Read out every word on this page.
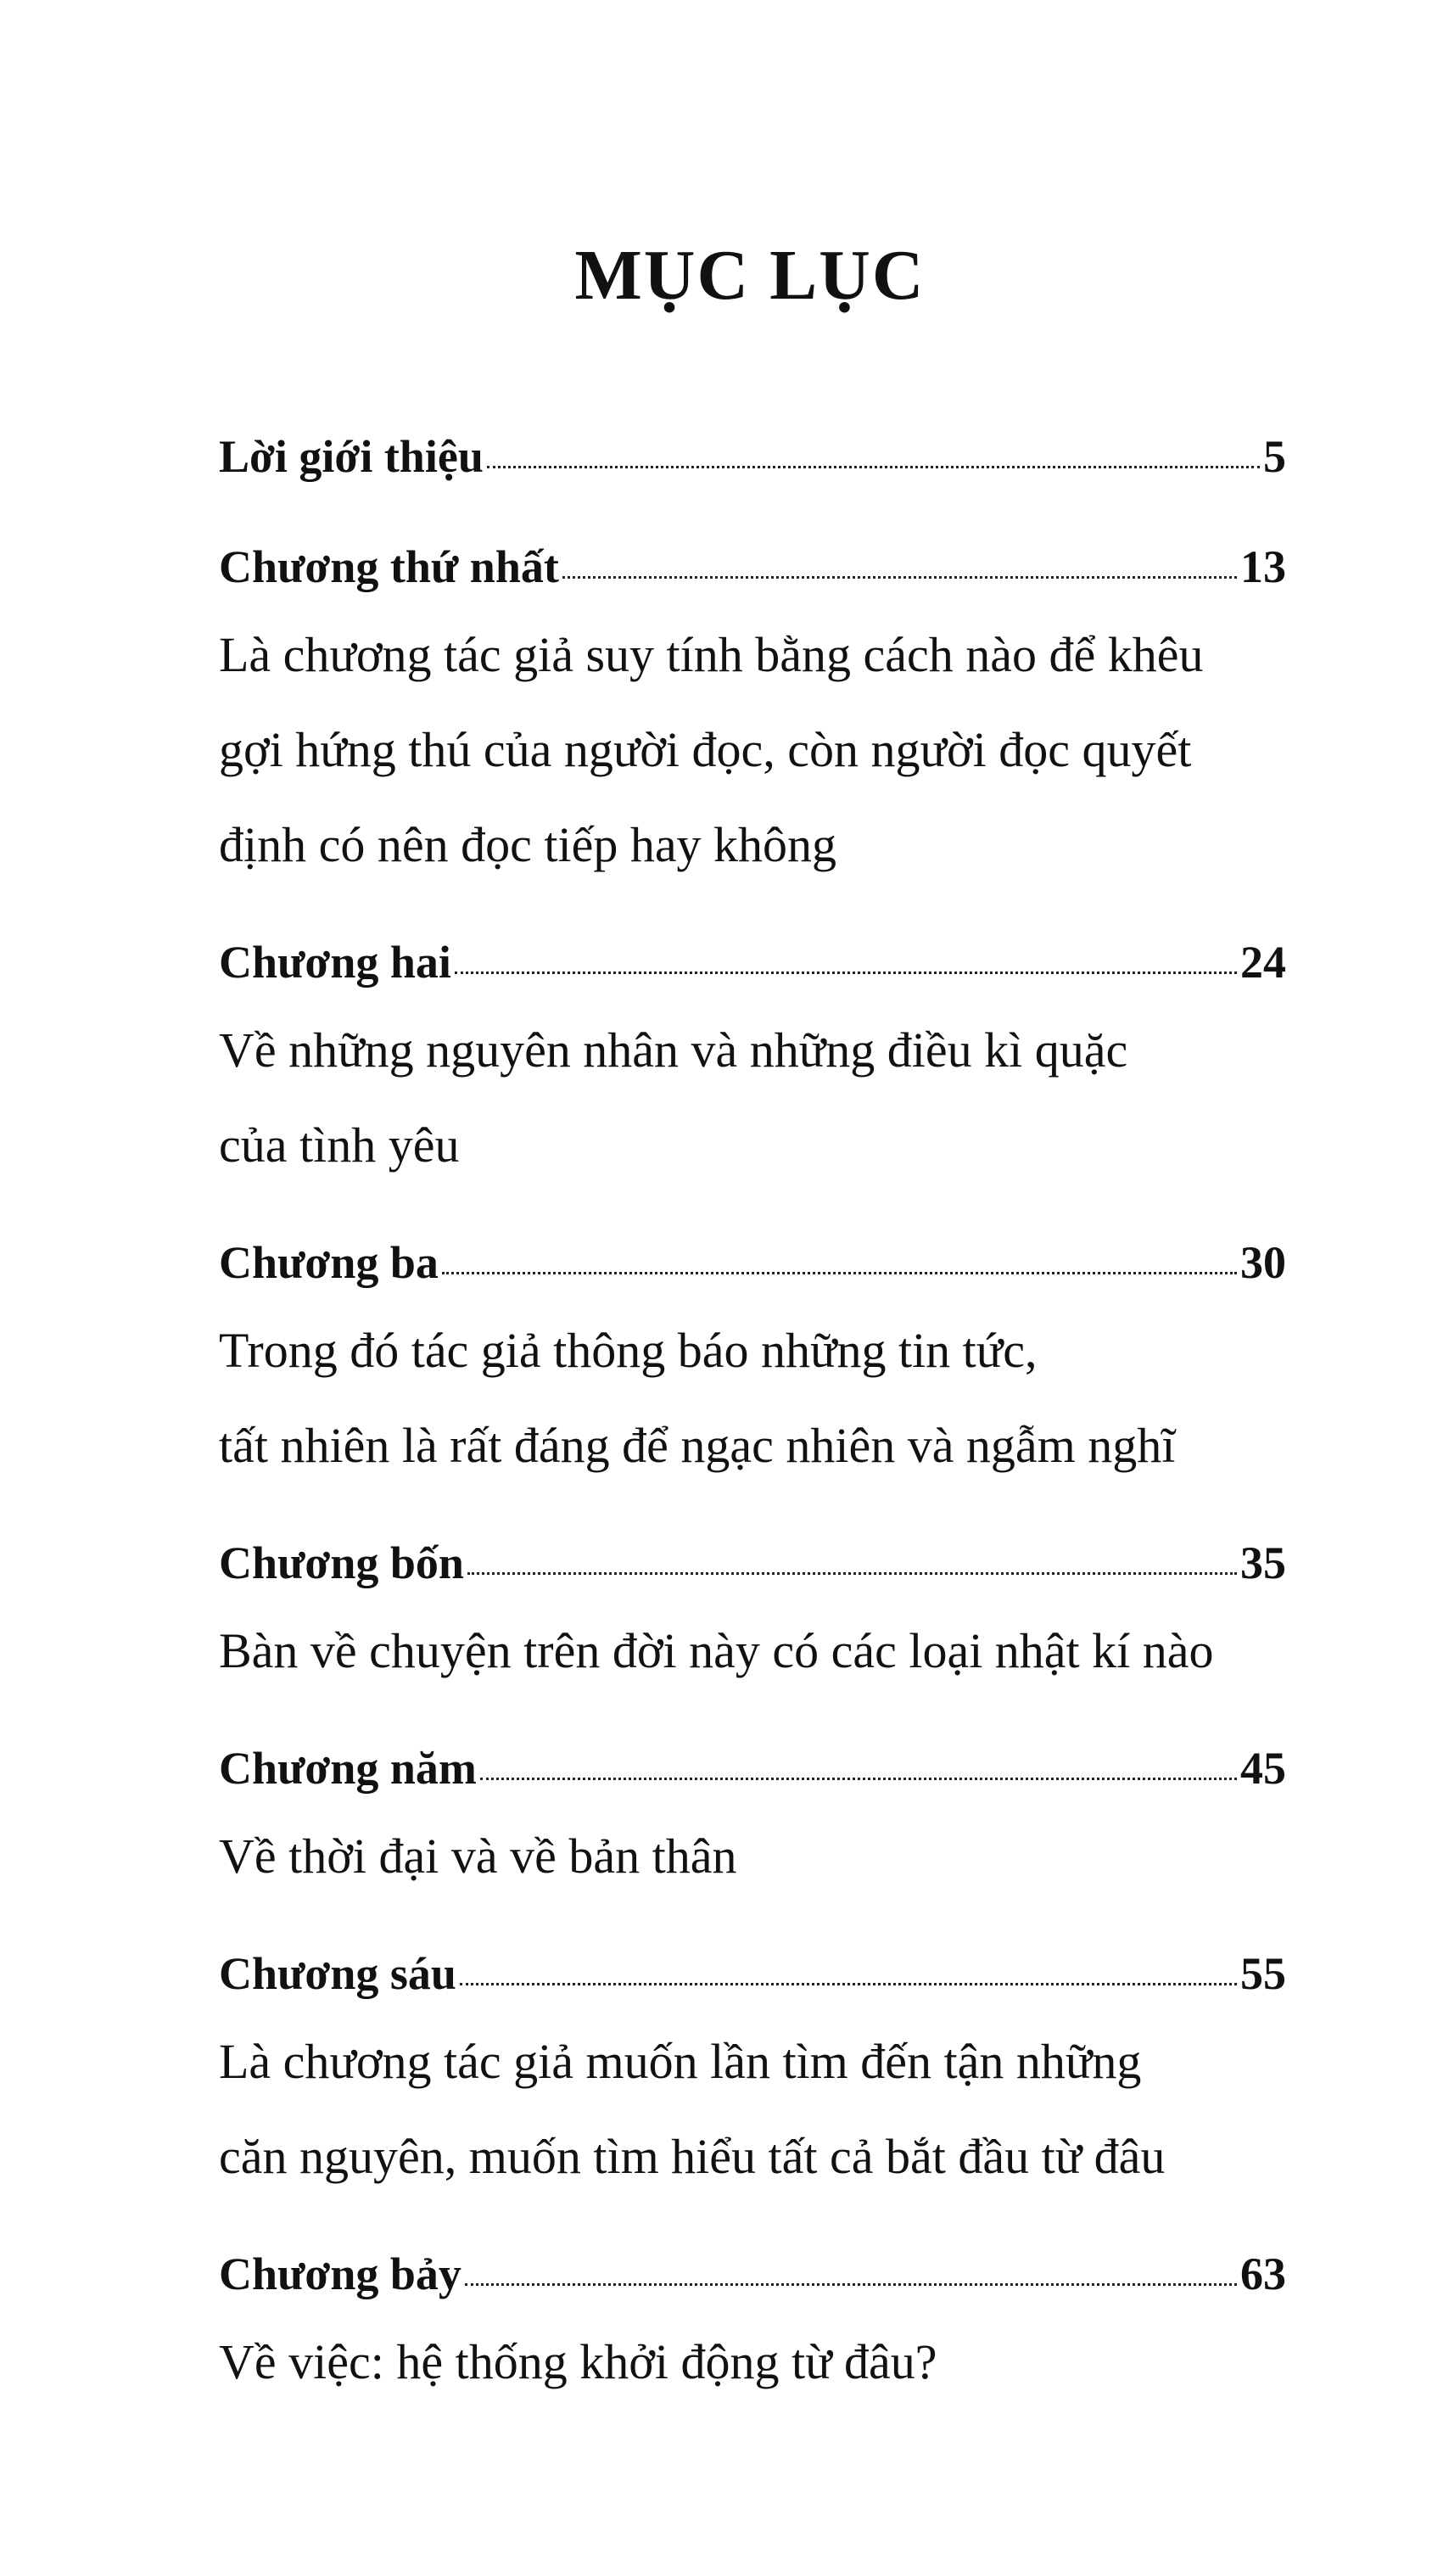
MỤC LỤC
Lời giới thiệu	5
Chương thứ nhất	13

Là chương tác giả suy tính bằng cách nào để khêu

gợi hứng thú của người đọc, còn người đọc quyết

định có nên đọc tiếp hay không

Chương hai	24

Về những nguyên nhân và những điều kì quặc

của tình yêu

Chương ba	30

Trong đó tác giả thông báo những tin tức,

tất nhiên là rất đáng để ngạc nhiên và ngẫm nghĩ

Chương bốn	35

Bàn về chuyện trên đời này có các loại nhật kí nào

Chương năm	45

Về thời đại và về bản thân

Chương sáu	55

Là chương tác giả muốn lần tìm đến tận những

căn nguyên, muốn tìm hiểu tất cả bắt đầu từ đâu

Chương bảy	63

Về việc: hệ thống khởi động từ đâu?
